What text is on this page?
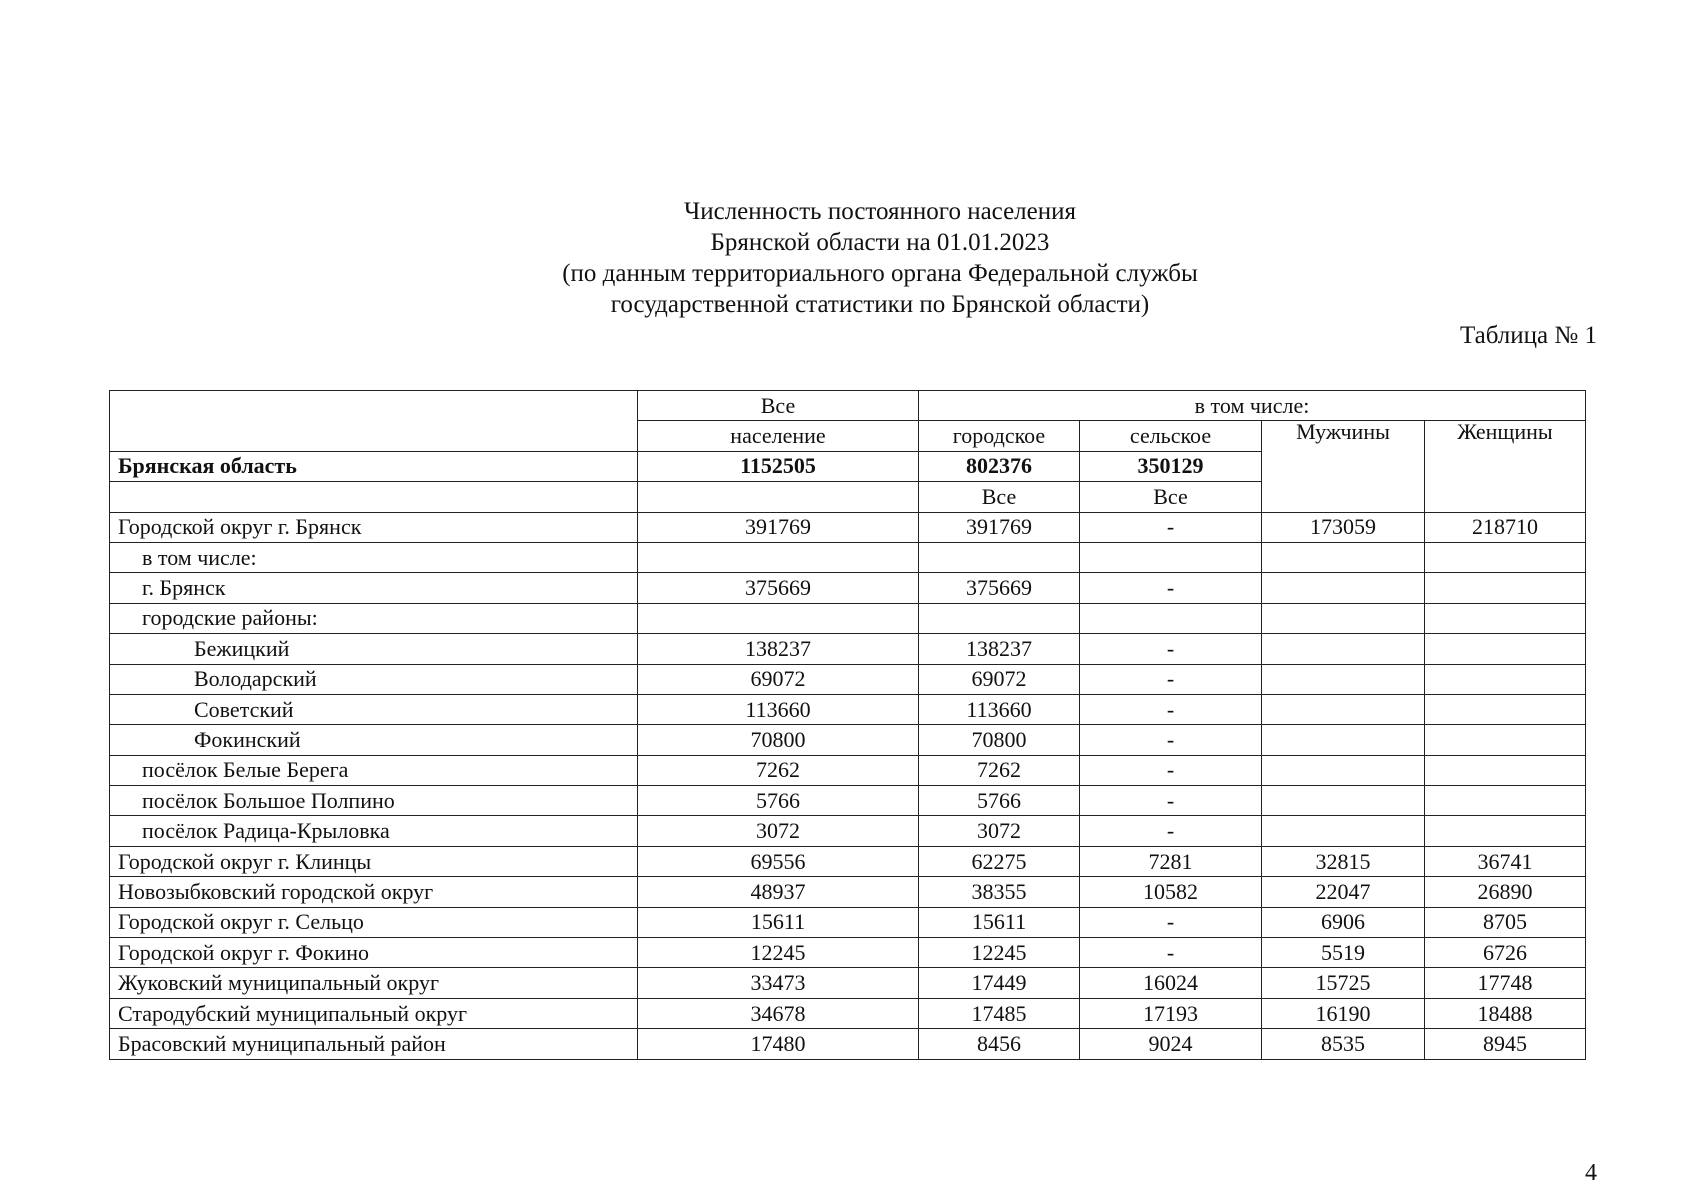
Численность постоянного населения
Брянской области на 01.01.2023
(по данным территориального органа Федеральной службы
государственной статистики по Брянской области)
Таблица № 1
	Все	в том числе:			
	население	городское	сельское	Мужчины	Женщины
Брянская область	1152505	802376	350129		
		Все	Все		
Городской округ г. Брянск	391769	391769	-	173059	218710
в том числе:					
г. Брянск	375669	375669	-		
городские районы:					
Бежицкий	138237	138237	-		
Володарский	69072	69072	-		
Советский	113660	113660	-		
Фокинский	70800	70800	-		
посёлок Белые Берега	7262	7262	-		
посёлок Большое Полпино	5766	5766	-		
посёлок Радица-Крыловка	3072	3072	-		
Городской округ г. Клинцы	69556	62275	7281	32815	36741
Новозыбковский городской округ	48937	38355	10582	22047	26890
Городской округ г. Сельцо	15611	15611	-	6906	8705
Городской округ г. Фокино	12245	12245	-	5519	6726
Жуковский муниципальный округ	33473	17449	16024	15725	17748
Стародубский муниципальный округ	34678	17485	17193	16190	18488
Брасовский муниципальный район	17480	8456	9024	8535	8945
4
